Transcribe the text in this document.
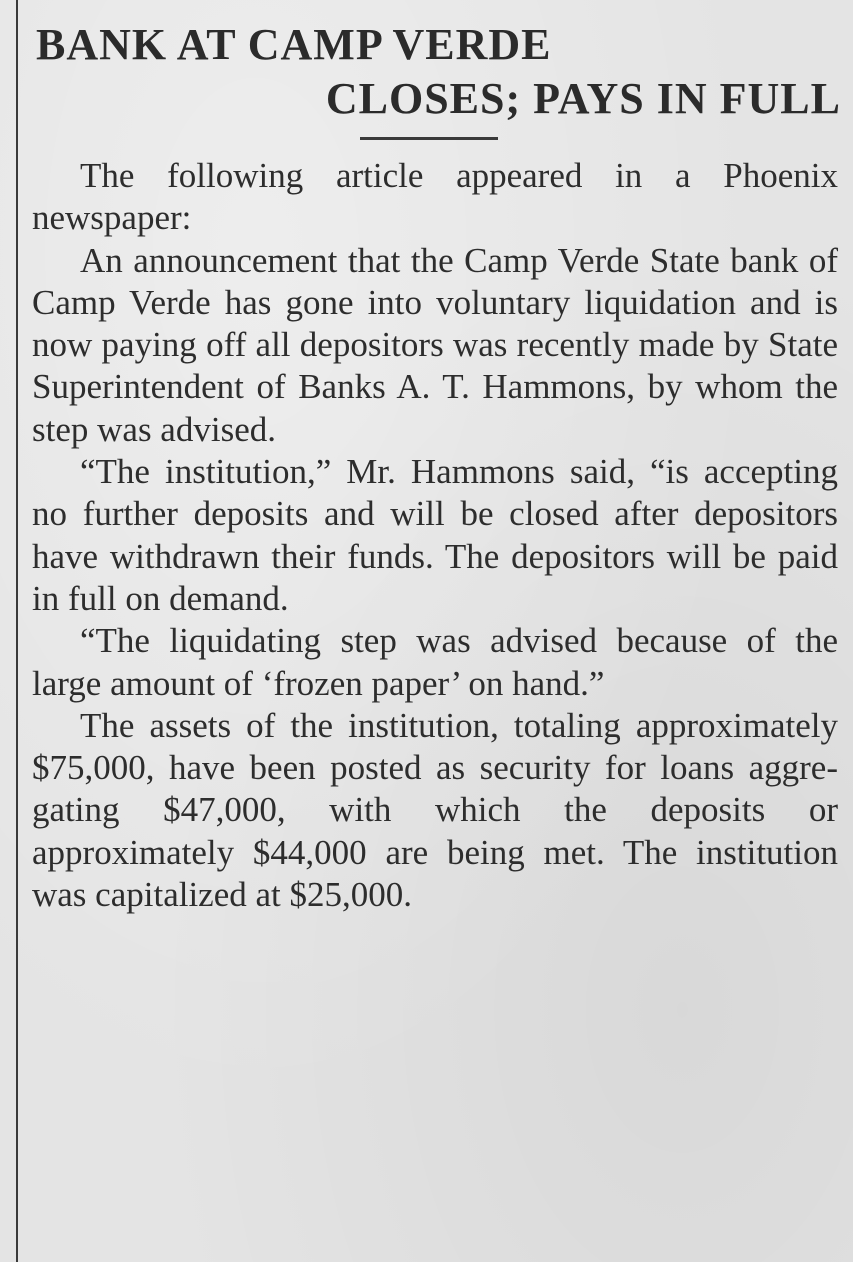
BANK AT CAMP VERDE
CLOSES; PAYS IN FULL

The following article appeared in a Phoenix newspaper:

An announcement that the Camp Verde State bank of Camp Verde has gone into voluntary liquidation and is now paying off all depositors was recently made by State Superintendent of Banks A. T. Hammons, by whom the step was advised.

“The institution,” Mr. Hammons said, “is accepting no further deposits and will be closed after depositors have withdrawn their funds. The depositors will be paid in full on demand.

“The liquidating step was advised because of the large amount of ‘frozen paper’ on hand.”

The assets of the institution, totaling approximately $75,000, have been posted as security for loans aggregating $47,000, with which the deposits or approximately $44,000 are being met. The institution was capitalized at $25,000.
